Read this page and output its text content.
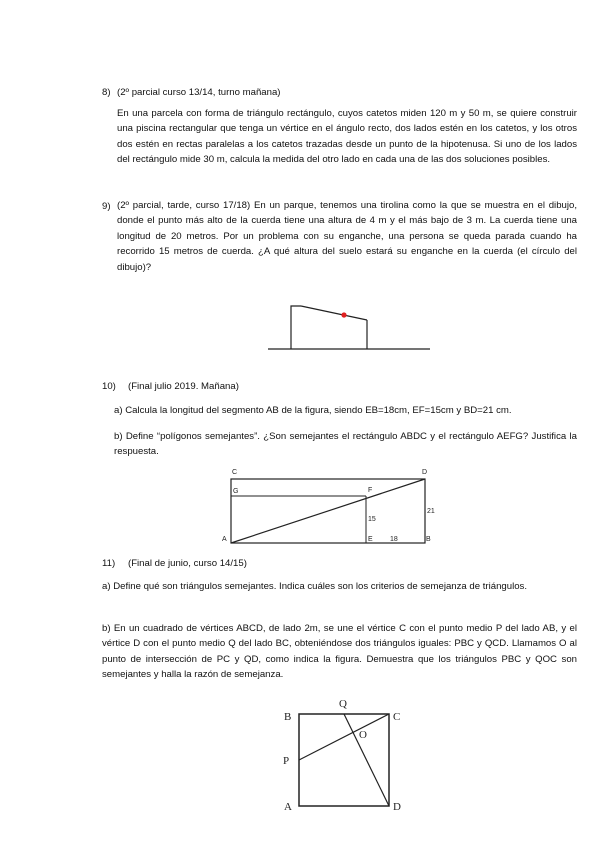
8) (2º parcial curso 13/14, turno mañana)
En una parcela con forma de triángulo rectángulo, cuyos catetos miden 120 m y 50 m, se quiere construir una piscina rectangular que tenga un vértice en el ángulo recto, dos lados estén en los catetos, y los otros dos estén en rectas paralelas a los catetos trazadas desde un punto de la hipotenusa. Si uno de los lados del rectángulo mide 30 m, calcula la medida del otro lado en cada una de las dos soluciones posibles.
9) (2º parcial, tarde, curso 17/18) En un parque, tenemos una tirolina como la que se muestra en el dibujo, donde el punto más alto de la cuerda tiene una altura de 4 m y el más bajo de 3 m. La cuerda tiene una longitud de 20 metros. Por un problema con su enganche, una persona se queda parada cuando ha recorrido 15 metros de cuerda. ¿A qué altura del suelo estará su enganche en la cuerda (el círculo del dibujo)?
10) (Final julio 2019. Mañana)
a) Calcula la longitud del segmento AB de la figura, siendo EB=18cm, EF=15cm y BD=21 cm.
b) Define “polígonos semejantes”. ¿Son semejantes el rectángulo ABDC y el rectángulo AEFG? Justifica la respuesta.
C	D
G	F
A	E	B
15
21
18
11) (Final de junio, curso 14/15)
a) Define qué son triángulos semejantes. Indica cuáles son los criterios de semejanza de triángulos.
b) En un cuadrado de vértices ABCD, de lado 2m, se une el vértice C con el punto medio P del lado AB, y el vértice D con el punto medio Q del lado BC, obteniéndose dos triángulos iguales: PBC y QCD. Llamamos O al punto de intersección de PC y QD, como indica la figura. Demuestra que los triángulos PBC y QOC son semejantes y halla la razón de semejanza.
B
Q
C
O
P
A	D
